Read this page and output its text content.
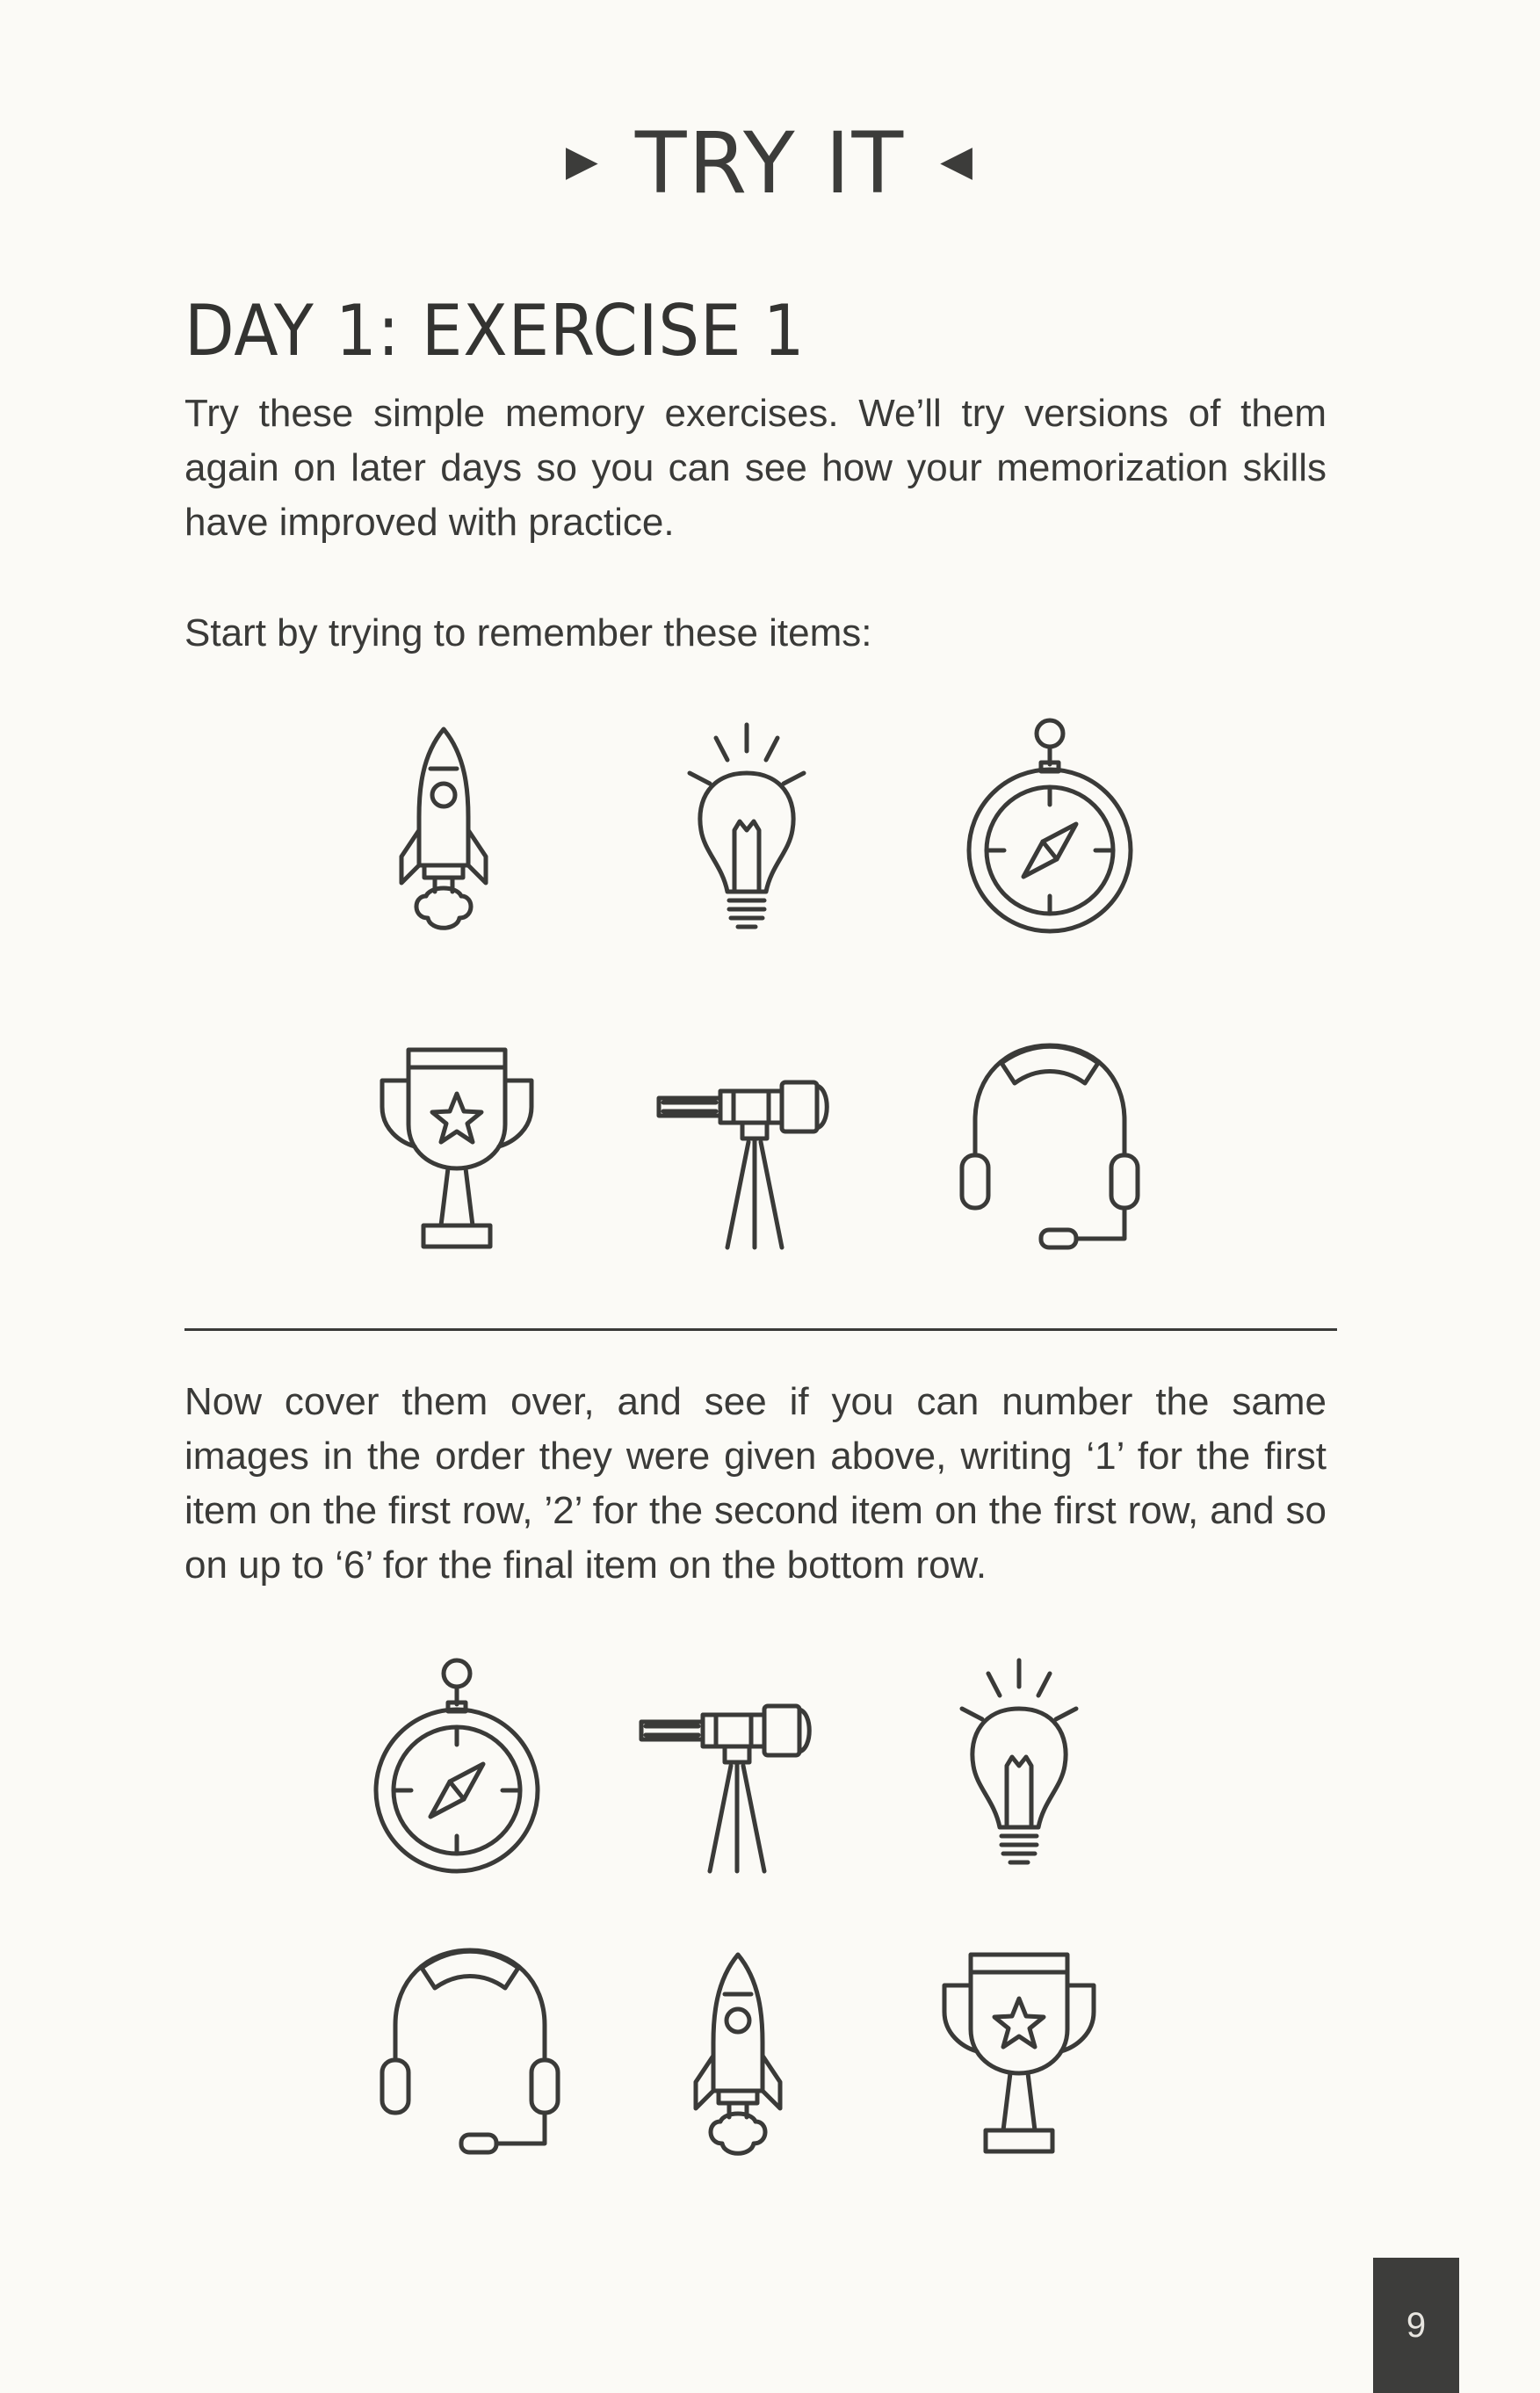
▶ TRY IT ◀
DAY 1: EXERCISE 1
Try these simple memory exercises. We’ll try versions of them again on later days so you can see how your memorization skills have improved with practice.
Start by trying to remember these items:
Now cover them over, and see if you can number the same images in the order they were given above, writing ‘1’ for the first item on the first row, ’2’ for the second item on the first row, and so on up to ‘6’ for the final item on the bottom row.
9
